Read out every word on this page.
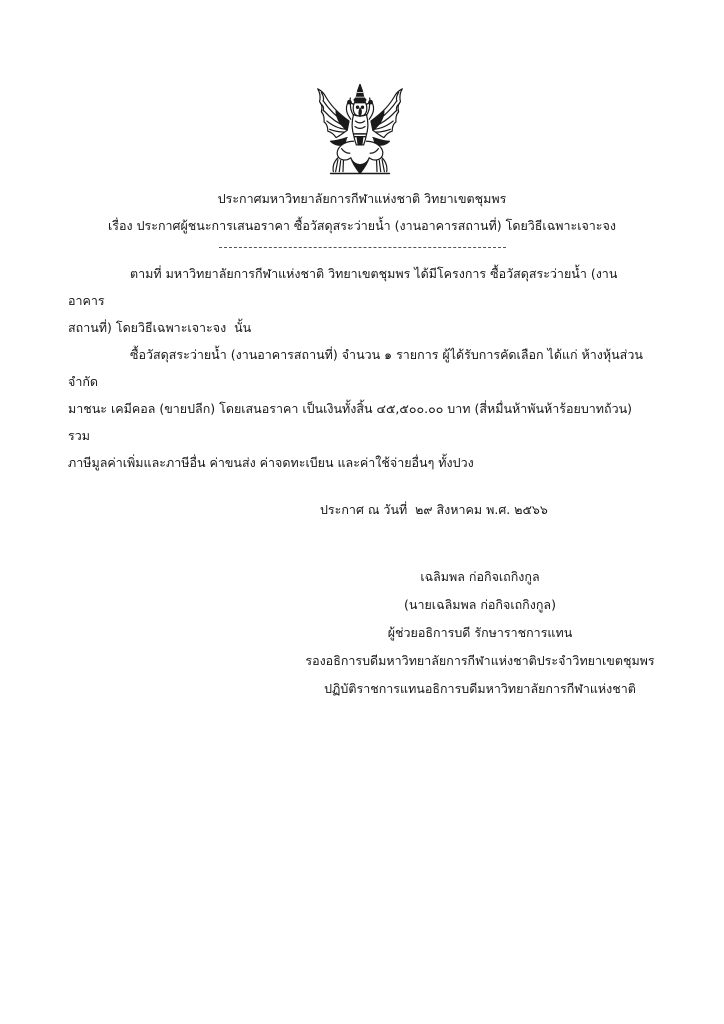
ประกาศมหาวิทยาลัยการกีฬาแห่งชาติ วิทยาเขตชุมพร
เรื่อง ประกาศผู้ชนะการเสนอราคา ซื้อวัสดุสระว่ายน้ำ (งานอาคารสถานที่) โดยวิธีเฉพาะเจาะจง
ตามที่ มหาวิทยาลัยการกีฬาแห่งชาติ วิทยาเขตชุมพร ได้มีโครงการ ซื้อวัสดุสระว่ายน้ำ (งานอาคาร
สถานที่) โดยวิธีเฉพาะเจาะจง  นั้น
ซื้อวัสดุสระว่ายน้ำ (งานอาคารสถานที่) จำนวน ๑ รายการ ผู้ได้รับการคัดเลือก ได้แก่ ห้างหุ้นส่วนจำกัด
มาชนะ เคมีคอล (ขายปลีก) โดยเสนอราคา เป็นเงินทั้งสิ้น ๔๕,๕๐๐.๐๐ บาท (สี่หมื่นห้าพันห้าร้อยบาทถ้วน) รวม
ภาษีมูลค่าเพิ่มและภาษีอื่น ค่าขนส่ง ค่าจดทะเบียน และค่าใช้จ่ายอื่นๆ ทั้งปวง
ประกาศ ณ วันที่  ๒๙ สิงหาคม พ.ศ. ๒๕๖๖
เฉลิมพล ก่อกิจเถกิงกูล
(นายเฉลิมพล ก่อกิจเถกิงกูล)
ผู้ช่วยอธิการบดี รักษาราชการแทน
รองอธิการบดีมหาวิทยาลัยการกีฬาแห่งชาติประจำวิทยาเขตชุมพร
ปฏิบัติราชการแทนอธิการบดีมหาวิทยาลัยการกีฬาแห่งชาติ
